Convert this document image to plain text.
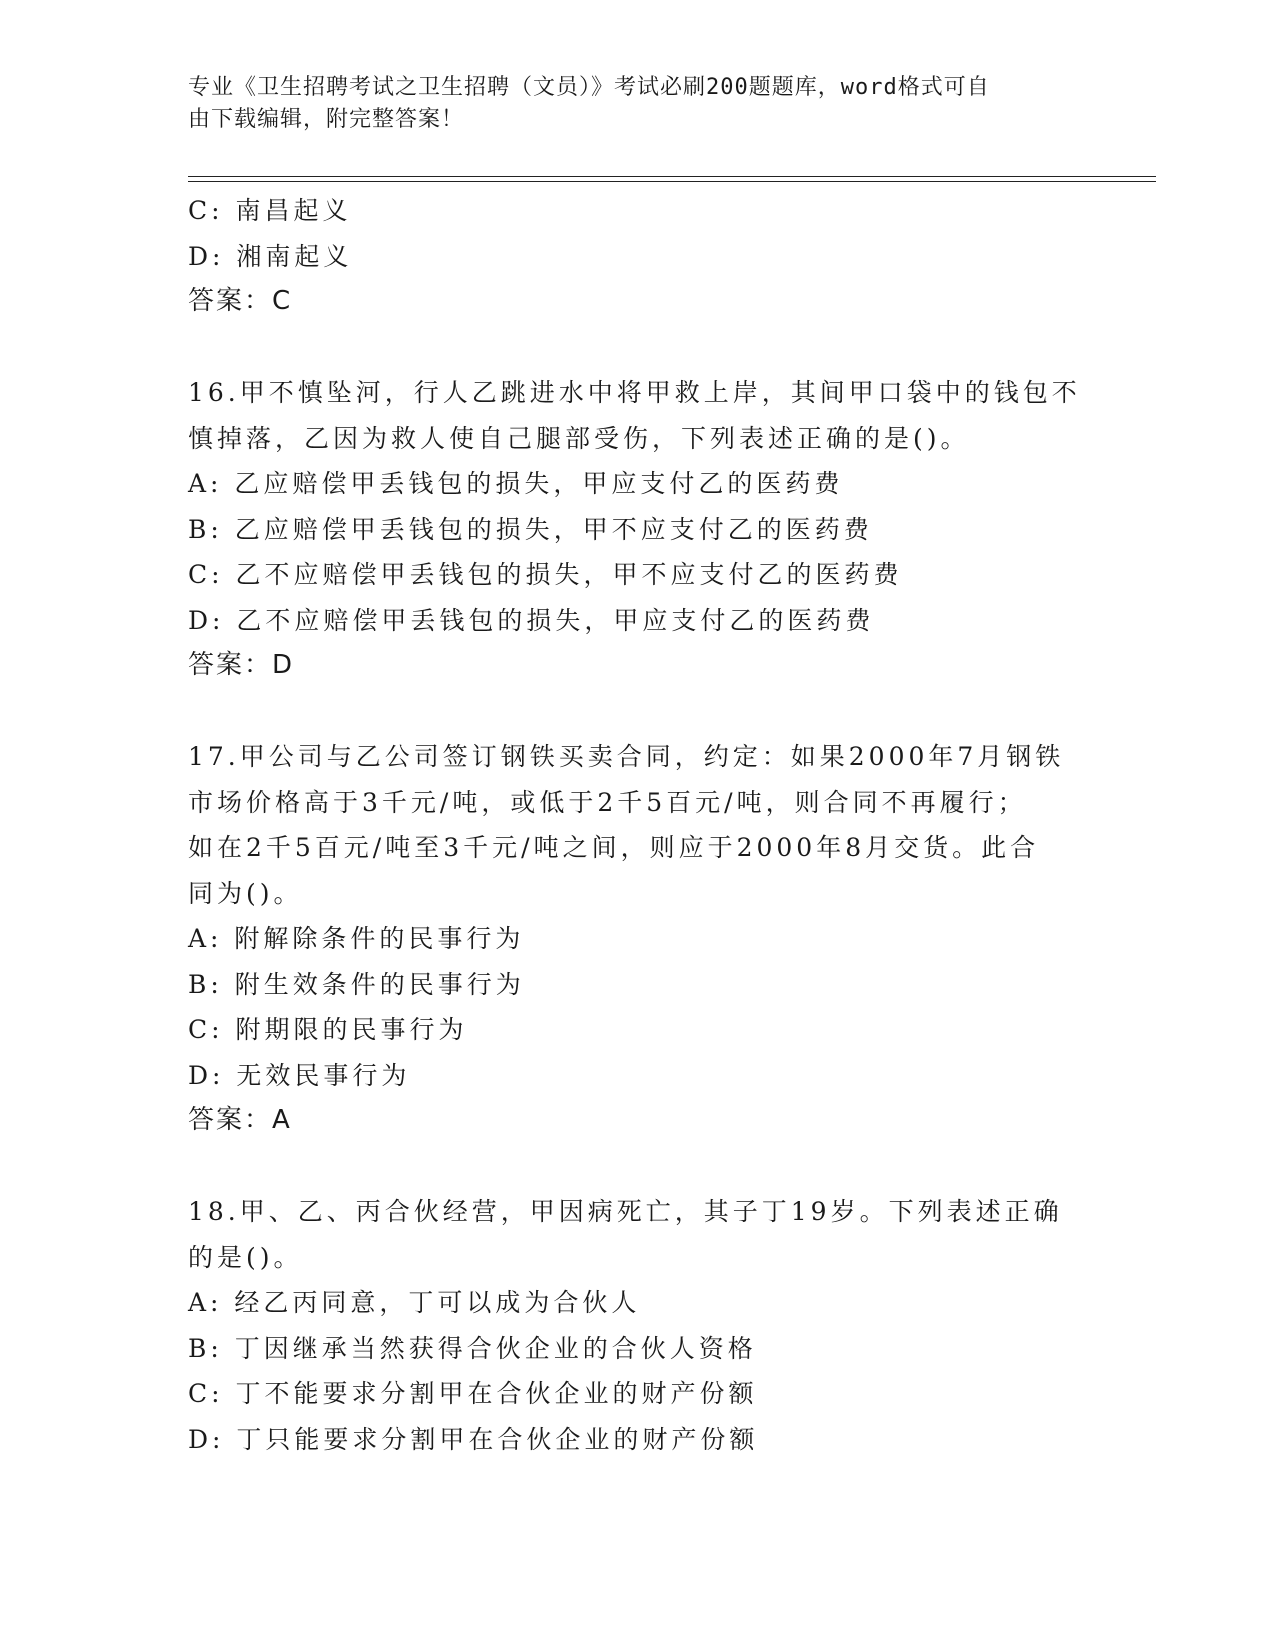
专业《卫生招聘考试之卫生招聘（文员）》考试必刷200题题库，word格式可自
由下载编辑，附完整答案！
C: 南昌起义
D: 湘南起义
答案：C
16.甲不慎坠河，行人乙跳进水中将甲救上岸，其间甲口袋中的钱包不
慎掉落，乙因为救人使自己腿部受伤，下列表述正确的是()。
A: 乙应赔偿甲丢钱包的损失，甲应支付乙的医药费
B: 乙应赔偿甲丢钱包的损失，甲不应支付乙的医药费
C: 乙不应赔偿甲丢钱包的损失，甲不应支付乙的医药费
D: 乙不应赔偿甲丢钱包的损失，甲应支付乙的医药费
答案：D
17.甲公司与乙公司签订钢铁买卖合同，约定：如果2000年7月钢铁
市场价格高于3千元/吨，或低于2千5百元/吨，则合同不再履行；
如在2千5百元/吨至3千元/吨之间，则应于2000年8月交货。此合
同为()。
A: 附解除条件的民事行为
B: 附生效条件的民事行为
C: 附期限的民事行为
D: 无效民事行为
答案：A
18.甲、乙、丙合伙经营，甲因病死亡，其子丁19岁。下列表述正确
的是()。
A: 经乙丙同意，丁可以成为合伙人
B: 丁因继承当然获得合伙企业的合伙人资格
C: 丁不能要求分割甲在合伙企业的财产份额
D: 丁只能要求分割甲在合伙企业的财产份额
